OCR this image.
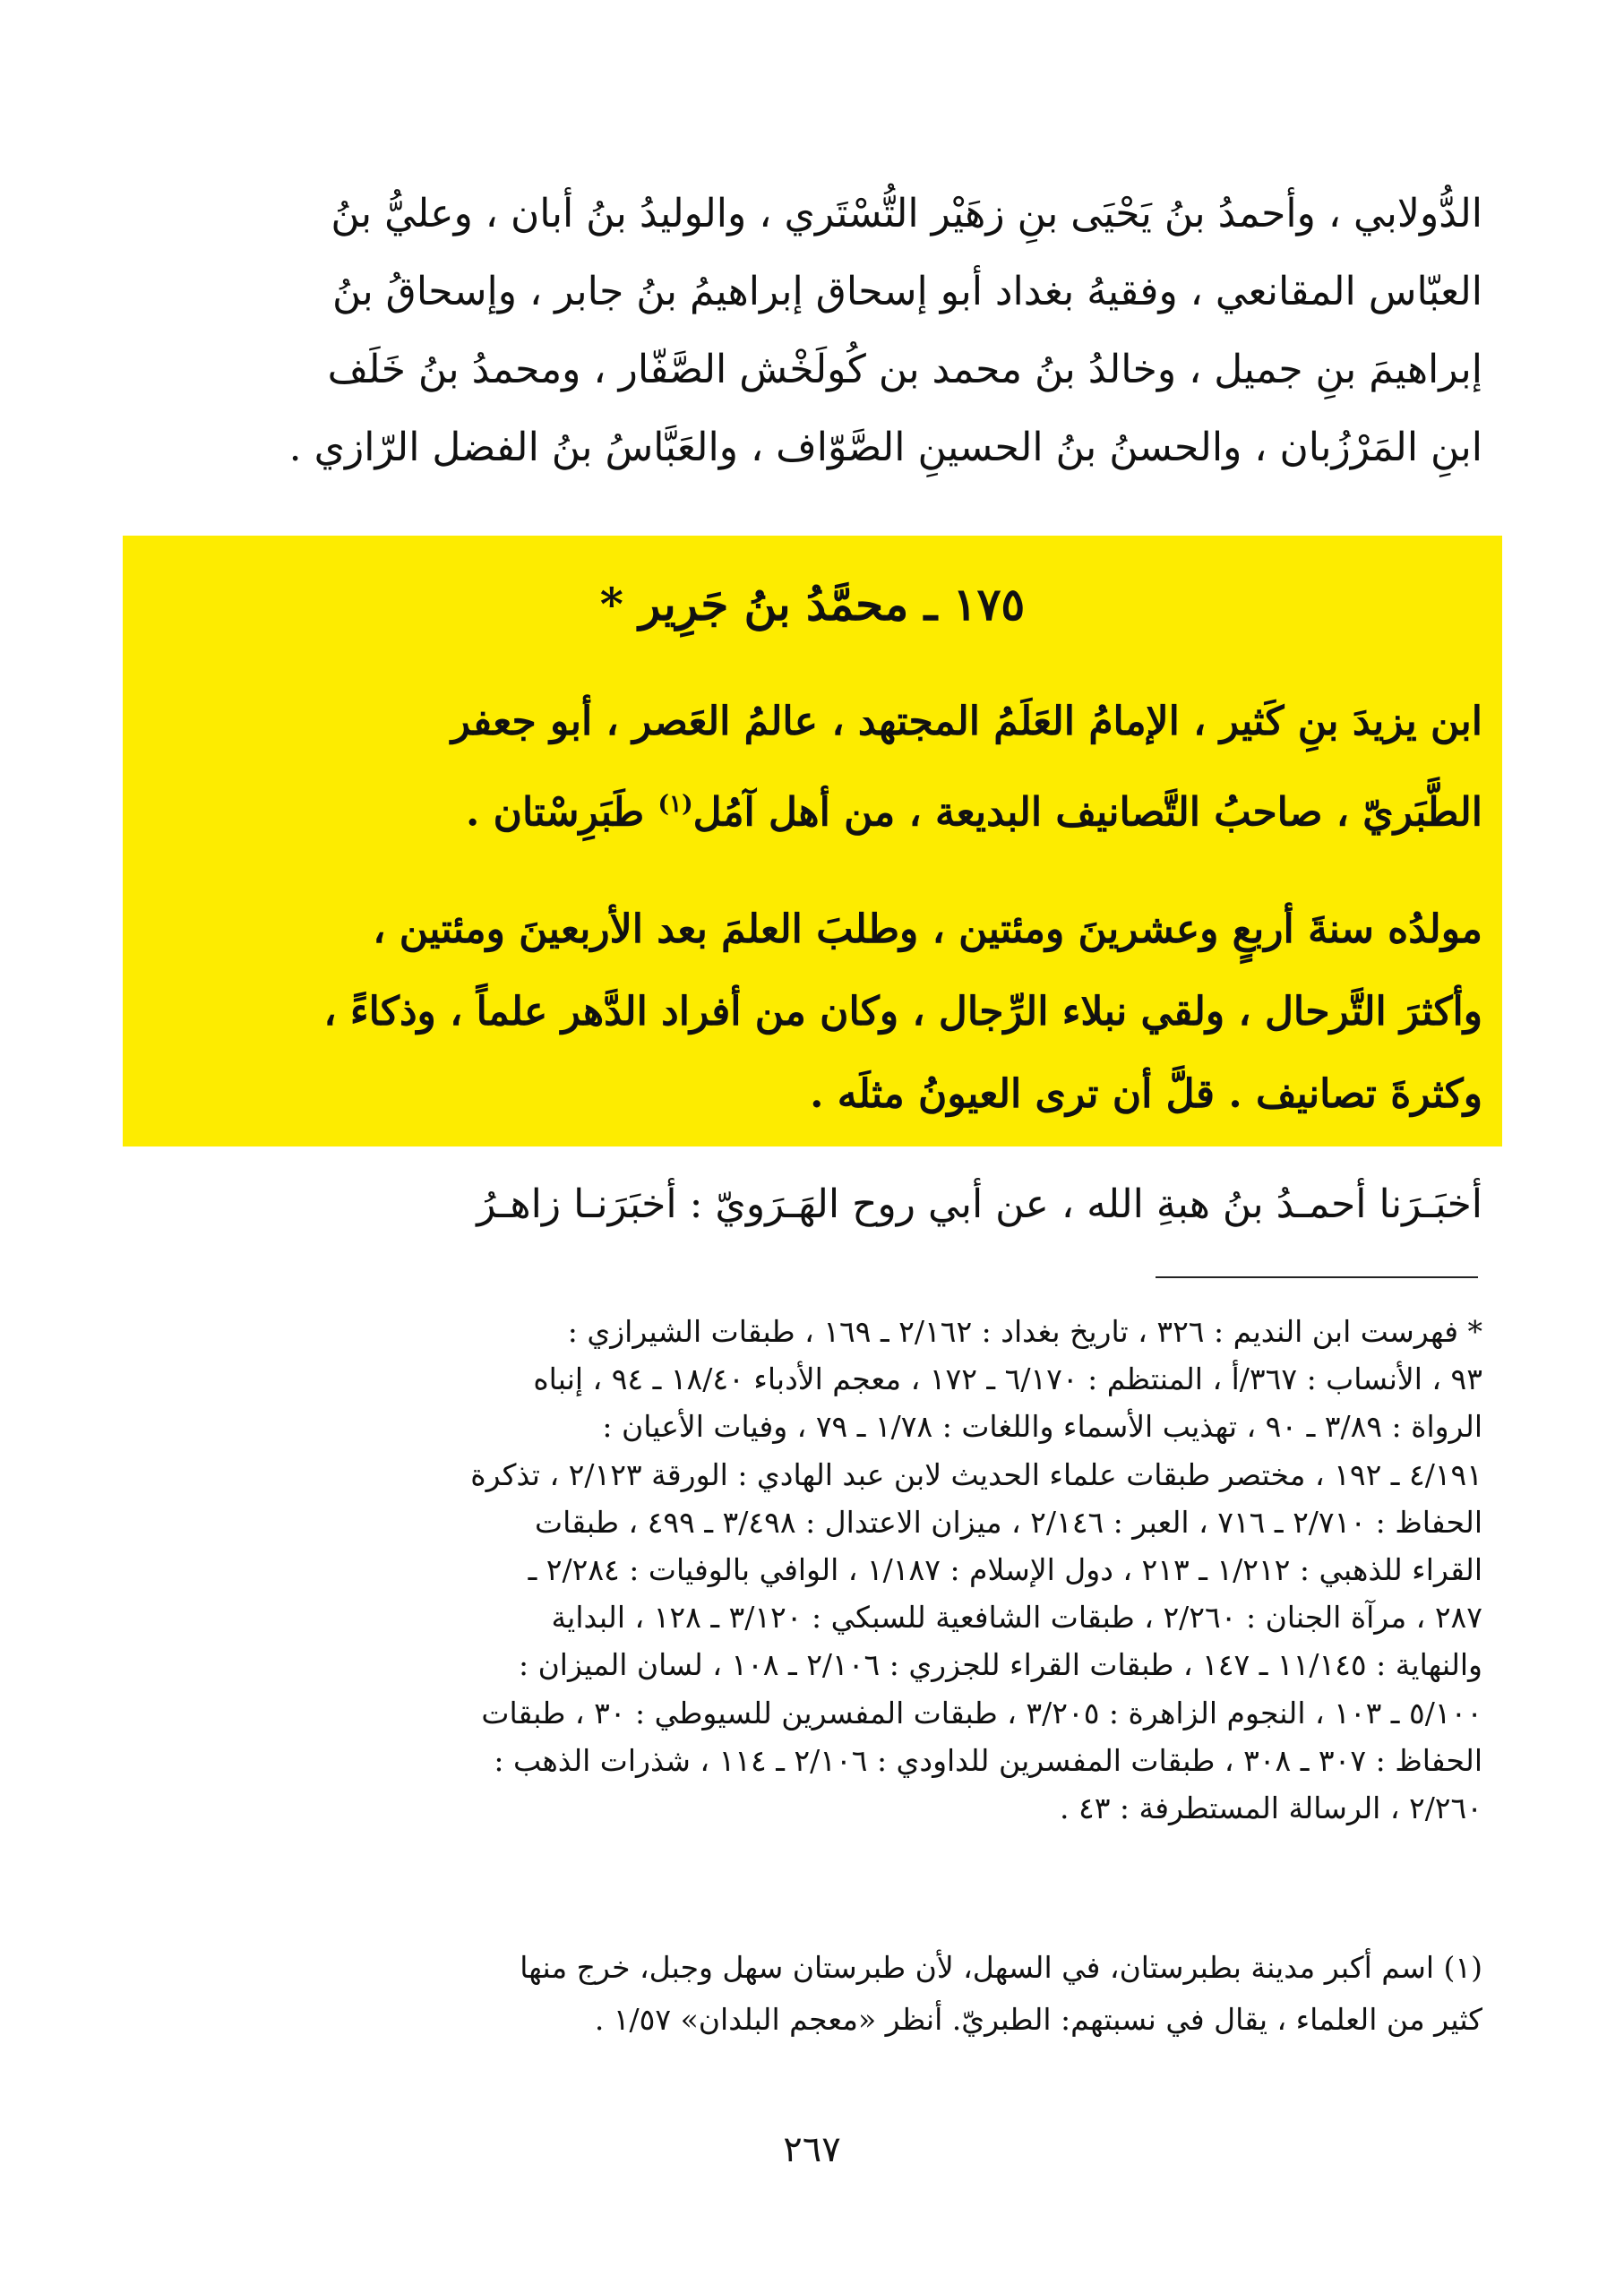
الدُّولابي ، وأحمدُ بنُ يَحْيَى بنِ زهَيْر التُّسْتَري ، والوليدُ بنُ أبان ، وعليُّ بنُ
العبّاس المقانعي ، وفقيهُ بغداد أبو إسحاق إبراهيمُ بنُ جابر ، وإسحاقُ بنُ
إبراهيمَ بنِ جميل ، وخالدُ بنُ محمد بن كُولَخْش الصَّفّار ، ومحمدُ بنُ خَلَف
ابنِ المَرْزُبان ، والحسنُ بنُ الحسينِ الصَّوّاف ، والعَبَّاسُ بنُ الفضل الرّازي .
١٧٥ ـ محمَّدُ بنُ جَرِير *
ابن يزيدَ بنِ كَثير ، الإمامُ العَلَمُ المجتهد ، عالمُ العَصر ، أبو جعفر
الطَّبَريّ ، صاحبُ التَّصانيف البديعة ، من أهل آمُل$^{(١)}$ طَبَرِسْتان .
مولدُه سنةَ أربعٍ وعشرينَ ومئتين ، وطلبَ العلمَ بعد الأربعينَ ومئتين ،
وأكثرَ التَّرحال ، ولقي نبلاء الرِّجال ، وكان من أفراد الدَّهر علماً ، وذكاءً ،
وكثرةَ تصانيف . قلَّ أن ترى العيونُ مثلَه .
أخبَـرَنا أحمـدُ بنُ هبةِ الله ، عن أبي روح الهَـرَويّ : أخبَرَنـا زاهـرُ
* فهرست ابن النديم : ٣٢٦ ، تاريخ بغداد : ٢/١٦٢ ـ ١٦٩ ، طبقات الشيرازي :
٩٣ ، الأنساب : ٣٦٧/أ ، المنتظم : ٦/١٧٠ ـ ١٧٢ ، معجم الأدباء ١٨/٤٠ ـ ٩٤ ، إنباه
الرواة : ٣/٨٩ ـ ٩٠ ، تهذيب الأسماء واللغات : ١/٧٨ ـ ٧٩ ، وفيات الأعيان :
٤/١٩١ ـ ١٩٢ ، مختصر طبقات علماء الحديث لابن عبد الهادي : الورقة ٢/١٢٣ ، تذكرة
الحفاظ : ٢/٧١٠ ـ ٧١٦ ، العبر : ٢/١٤٦ ، ميزان الاعتدال : ٣/٤٩٨ ـ ٤٩٩ ، طبقات
القراء للذهبي : ١/٢١٢ ـ ٢١٣ ، دول الإسلام : ١/١٨٧ ، الوافي بالوفيات : ٢/٢٨٤ ـ
٢٨٧ ، مرآة الجنان : ٢/٢٦٠ ، طبقات الشافعية للسبكي : ٣/١٢٠ ـ ١٢٨ ، البداية
والنهاية : ١١/١٤٥ ـ ١٤٧ ، طبقات القراء للجزري : ٢/١٠٦ ـ ١٠٨ ، لسان الميزان :
٥/١٠٠ ـ ١٠٣ ، النجوم الزاهرة : ٣/٢٠٥ ، طبقات المفسرين للسيوطي : ٣٠ ، طبقات
الحفاظ : ٣٠٧ ـ ٣٠٨ ، طبقات المفسرين للداودي : ٢/١٠٦ ـ ١١٤ ، شذرات الذهب :
٢/٢٦٠ ، الرسالة المستطرفة : ٤٣ .
(١) اسم أكبر مدينة بطبرستان، في السهل، لأن طبرستان سهل وجبل، خرج منها
كثير من العلماء ، يقال في نسبتهم: الطبريّ. أنظر «معجم البلدان» ١/٥٧ .
٢٦٧
